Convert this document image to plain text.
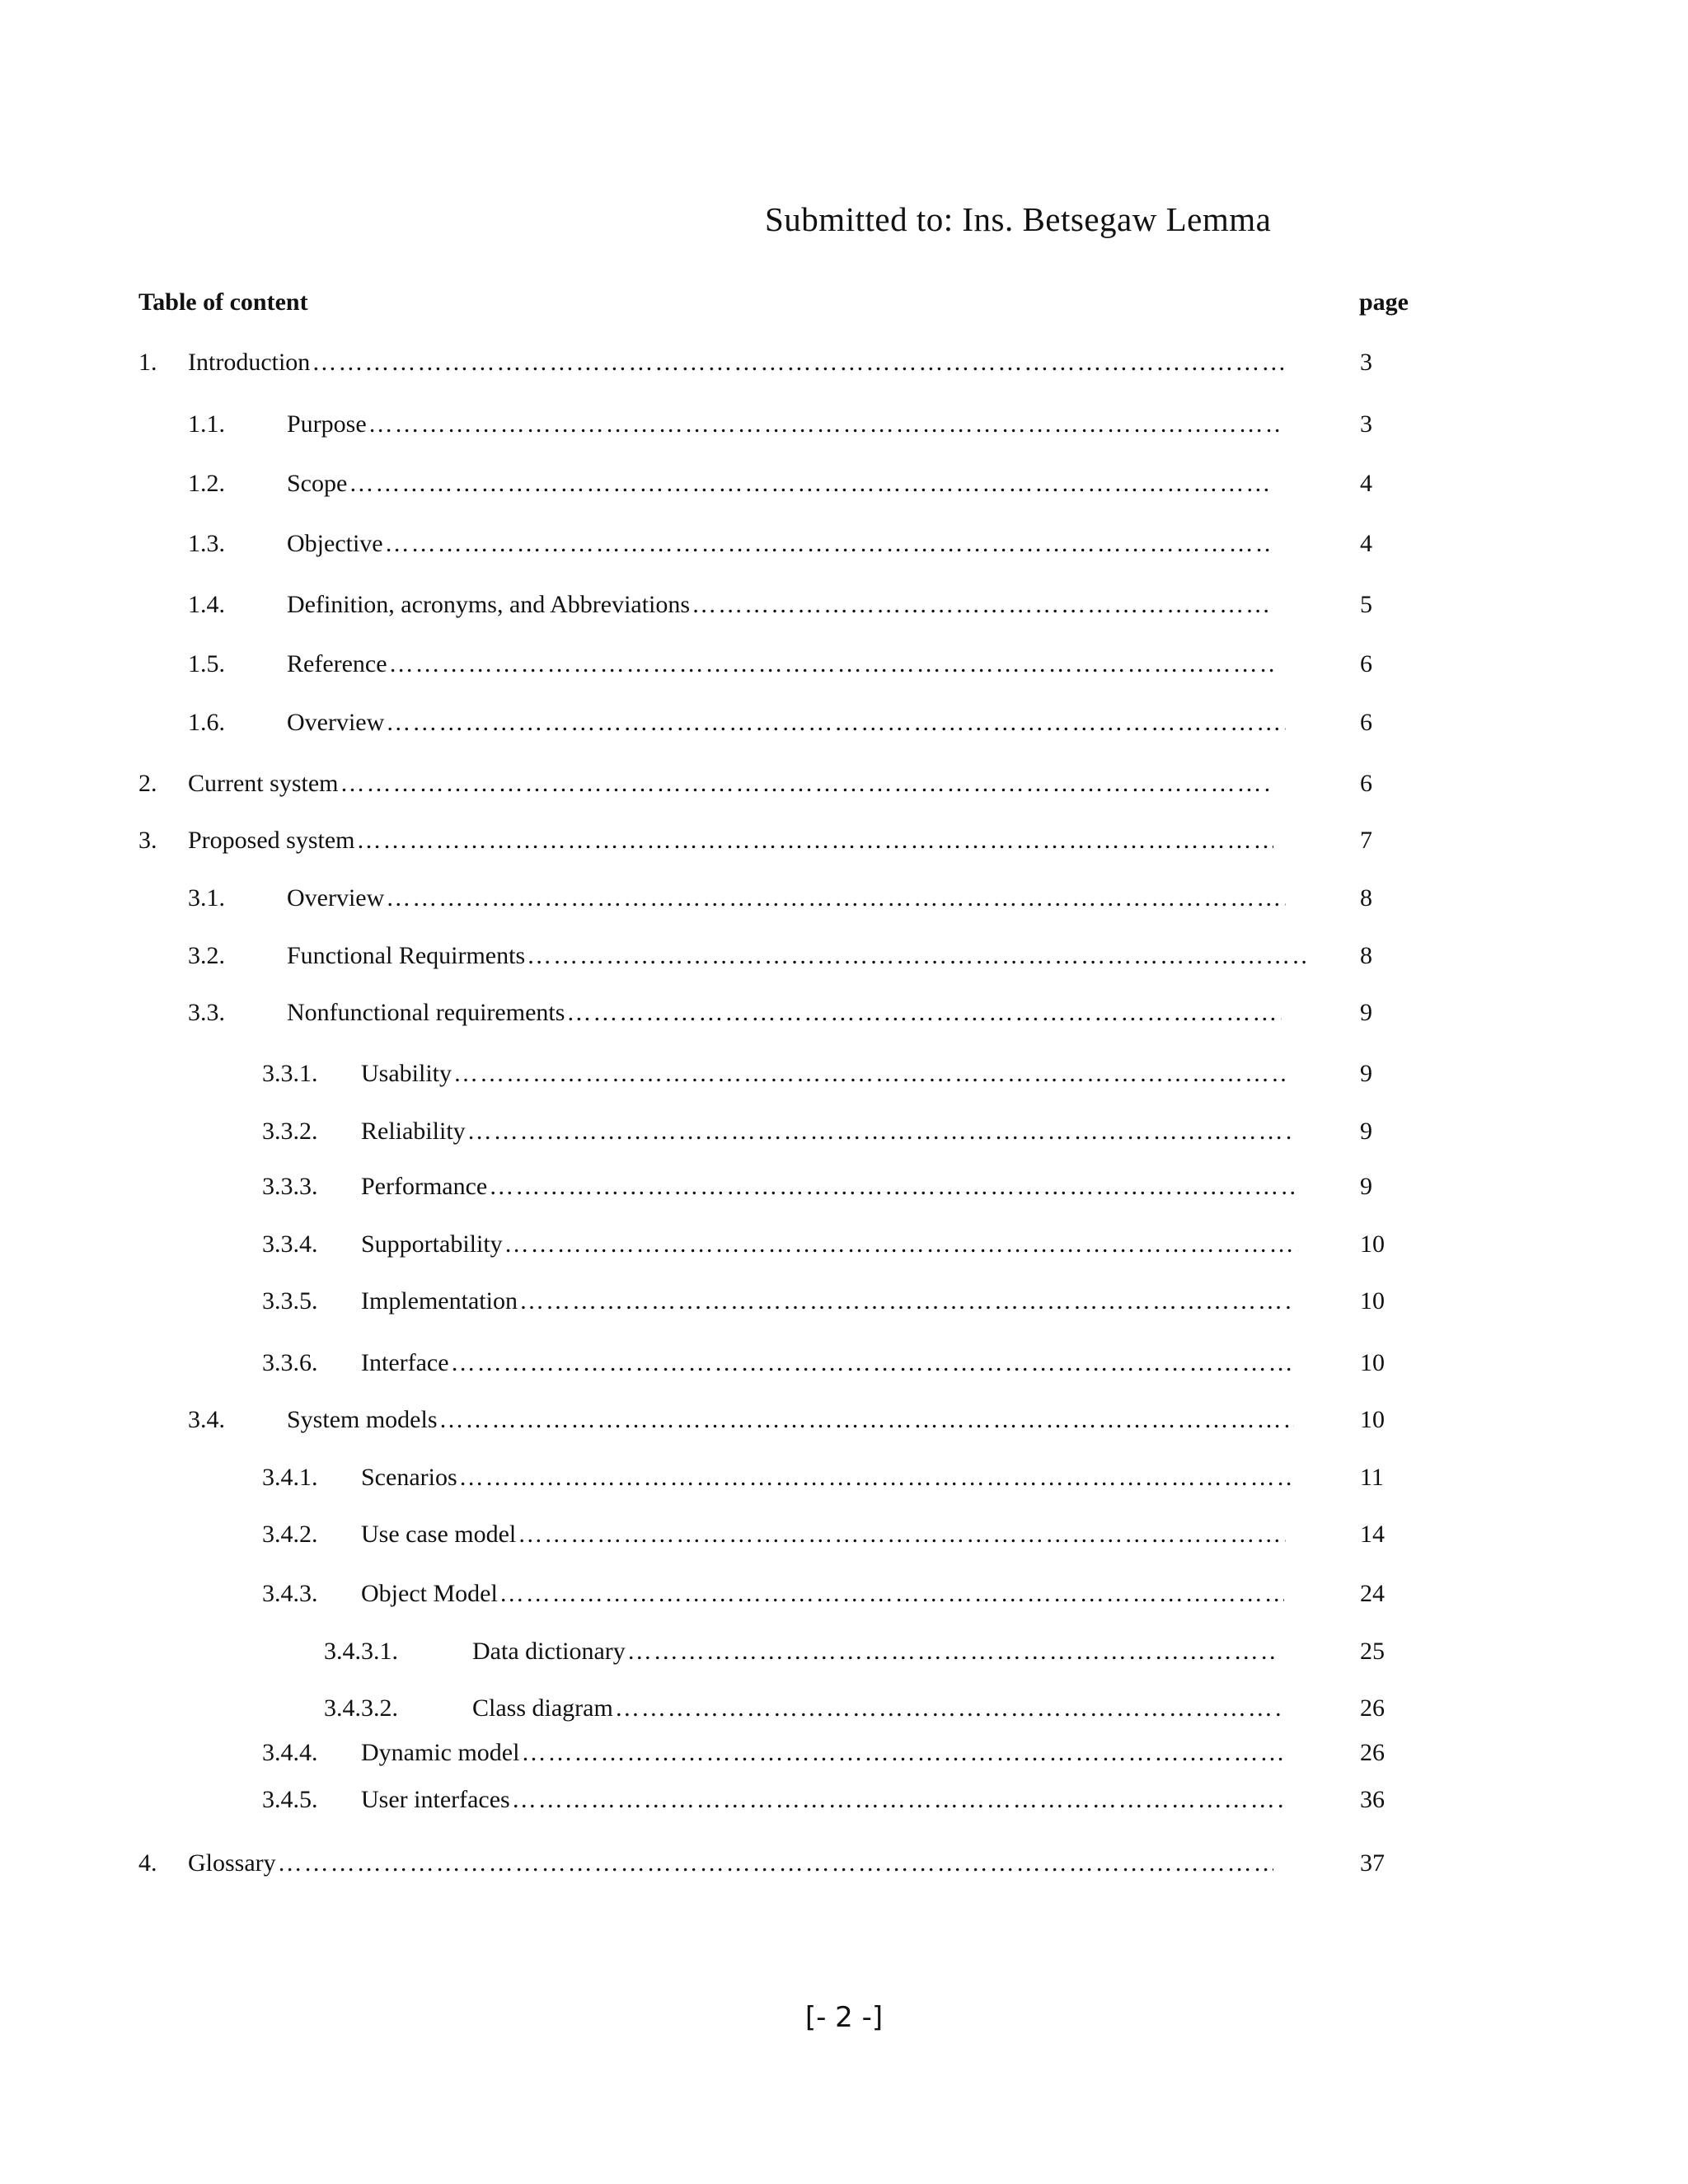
Submitted to: Ins. Betsegaw Lemma
Table of content	page
1. Introduction …………………………………………………………………………………………………………………………………………………………………………………………………	3
1.1.	Purpose …………………………………………………………………………………………………………………………………………………………………………………………………	3
1.2.	Scope …………………………………………………………………………………………………………………………………………………………………………………………………	4
1.3.	Objective …………………………………………………………………………………………………………………………………………………………………………………………………	4
1.4.	Definition, acronyms, and Abbreviations …………………………………………………………………………………………………………………………………………………………………………………………………	5
1.5.	Reference …………………………………………………………………………………………………………………………………………………………………………………………………	6
1.6.	Overview …………………………………………………………………………………………………………………………………………………………………………………………………	6
2. Current system …………………………………………………………………………………………………………………………………………………………………………………………………	6
3. Proposed system …………………………………………………………………………………………………………………………………………………………………………………………………	7
3.1.	Overview …………………………………………………………………………………………………………………………………………………………………………………………………	8
3.2.	Functional Requirments …………………………………………………………………………………………………………………………………………………………………………………………………	8
3.3.	Nonfunctional requirements …………………………………………………………………………………………………………………………………………………………………………………………………	9
3.3.1. Usability …………………………………………………………………………………………………………………………………………………………………………………………………	9
3.3.2. Reliability …………………………………………………………………………………………………………………………………………………………………………………………………	9
3.3.3. Performance …………………………………………………………………………………………………………………………………………………………………………………………………	9
3.3.4. Supportability …………………………………………………………………………………………………………………………………………………………………………………………………	10
3.3.5. Implementation …………………………………………………………………………………………………………………………………………………………………………………………………	10
3.3.6. Interface …………………………………………………………………………………………………………………………………………………………………………………………………	10
3.4.	System models …………………………………………………………………………………………………………………………………………………………………………………………………	10
3.4.1. Scenarios …………………………………………………………………………………………………………………………………………………………………………………………………	11
3.4.2. Use case model …………………………………………………………………………………………………………………………………………………………………………………………………	14
3.4.3. Object Model …………………………………………………………………………………………………………………………………………………………………………………………………	24
3.4.3.1.	Data dictionary …………………………………………………………………………………………………………………………………………………………………………………………………	25
3.4.3.2.	Class diagram …………………………………………………………………………………………………………………………………………………………………………………………………	26
3.4.4. Dynamic model …………………………………………………………………………………………………………………………………………………………………………………………………	26
3.4.5. User interfaces …………………………………………………………………………………………………………………………………………………………………………………………………	36
4. Glossary …………………………………………………………………………………………………………………………………………………………………………………………………	37
[- 2 -]
